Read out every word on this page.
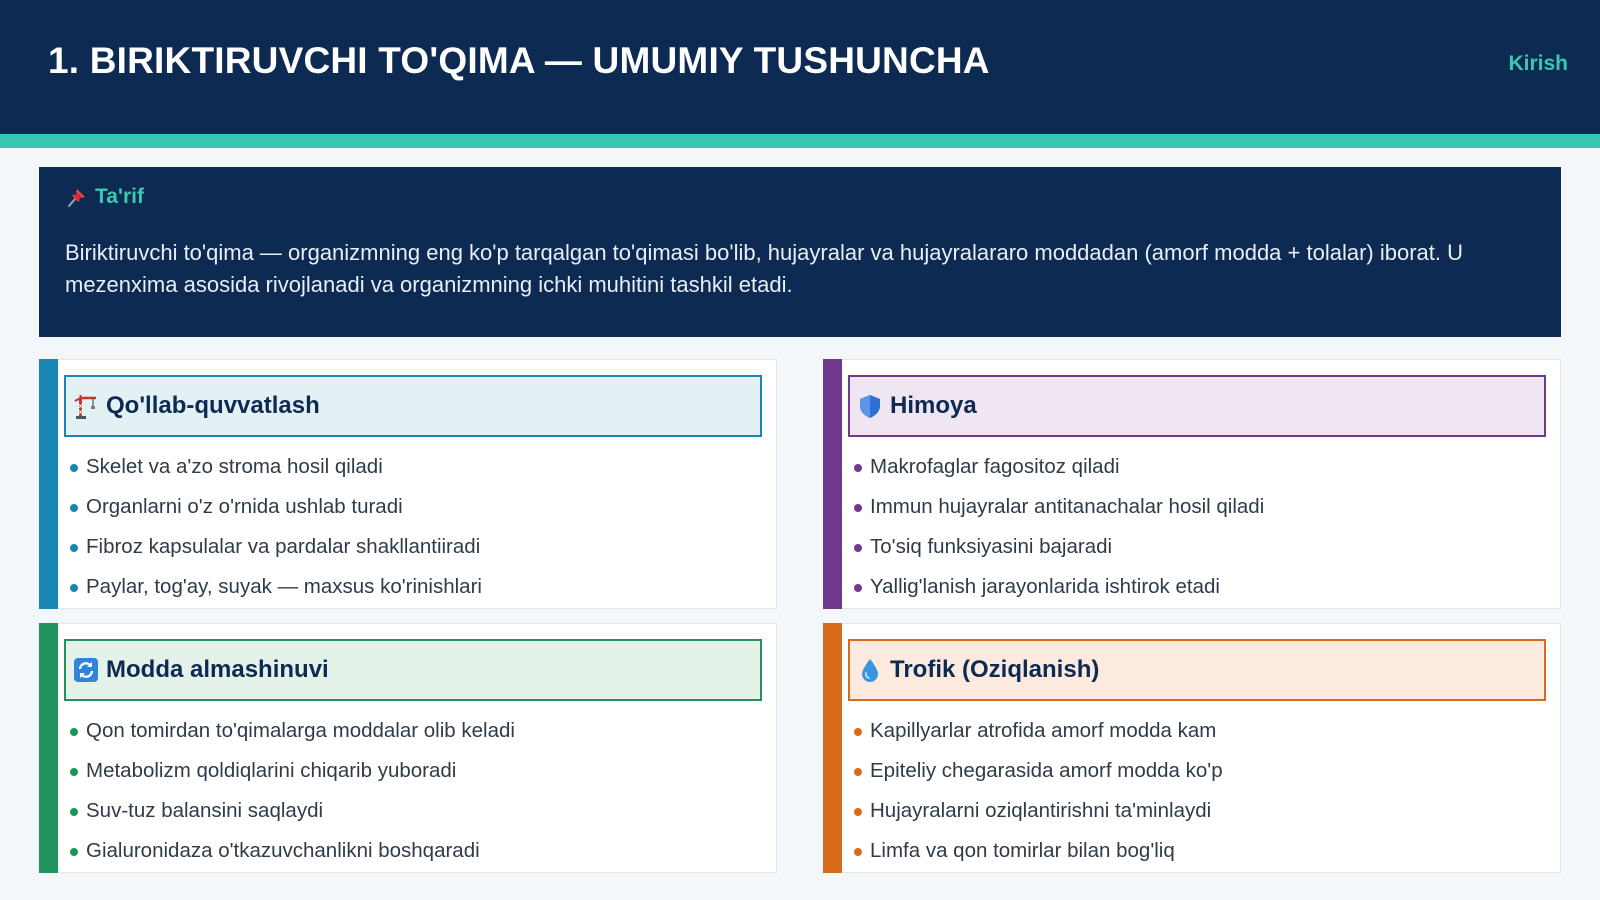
1. BIRIKTIRUVCHI TO'QIMA — UMUMIY TUSHUNCHA	Kirish
Ta'rif
Biriktiruvchi to'qima — organizmning eng ko'p tarqalgan to'qimasi bo'lib, hujayralar va hujayralararo moddadan (amorf modda + tolalar) iborat. U mezenxima asosida rivojlanadi va organizmning ichki muhitini tashkil etadi.
Qo'llab-quvvatlash
Skelet va a'zo stroma hosil qiladi
Organlarni o'z o'rnida ushlab turadi
Fibroz kapsulalar va pardalar shakllantiiradi
Paylar, tog'ay, suyak — maxsus ko'rinishlari
Himoya
Makrofaglar fagositoz qiladi
Immun hujayralar antitanachalar hosil qiladi
To'siq funksiyasini bajaradi
Yallig'lanish jarayonlarida ishtirok etadi
Modda almashinuvi
Qon tomirdan to'qimalarga moddalar olib keladi
Metabolizm qoldiqlarini chiqarib yuboradi
Suv-tuz balansini saqlaydi
Gialuronidaza o'tkazuvchanlikni boshqaradi
Trofik (Oziqlanish)
Kapillyarlar atrofida amorf modda kam
Epiteliy chegarasida amorf modda ko'p
Hujayralarni oziqlantirishni ta'minlaydi
Limfa va qon tomirlar bilan bog'liq
